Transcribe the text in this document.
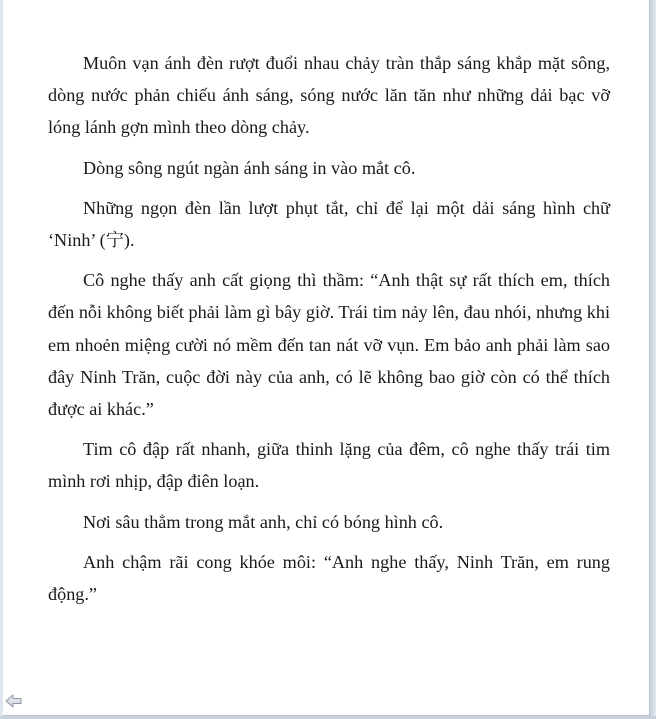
Muôn vạn ánh đèn rượt đuổi nhau chảy tràn thắp sáng khắp mặt sông, dòng nước phản chiếu ánh sáng, sóng nước lăn tăn như những dải bạc vỡ lóng lánh gợn mình theo dòng chảy.

Dòng sông ngút ngàn ánh sáng in vào mắt cô.

Những ngọn đèn lần lượt phụt tắt, chỉ để lại một dải sáng hình chữ ‘Ninh’ (宁).

Cô nghe thấy anh cất giọng thì thầm: “Anh thật sự rất thích em, thích đến nỗi không biết phải làm gì bây giờ. Trái tim nảy lên, đau nhói, nhưng khi em nhoẻn miệng cười nó mềm đến tan nát vỡ vụn. Em bảo anh phải làm sao đây Ninh Trăn, cuộc đời này của anh, có lẽ không bao giờ còn có thể thích được ai khác.”

Tim cô đập rất nhanh, giữa thinh lặng của đêm, cô nghe thấy trái tim mình rơi nhịp, đập điên loạn.

Nơi sâu thẳm trong mắt anh, chỉ có bóng hình cô.

Anh chậm rãi cong khóe môi: “Anh nghe thấy, Ninh Trăn, em rung động.”
